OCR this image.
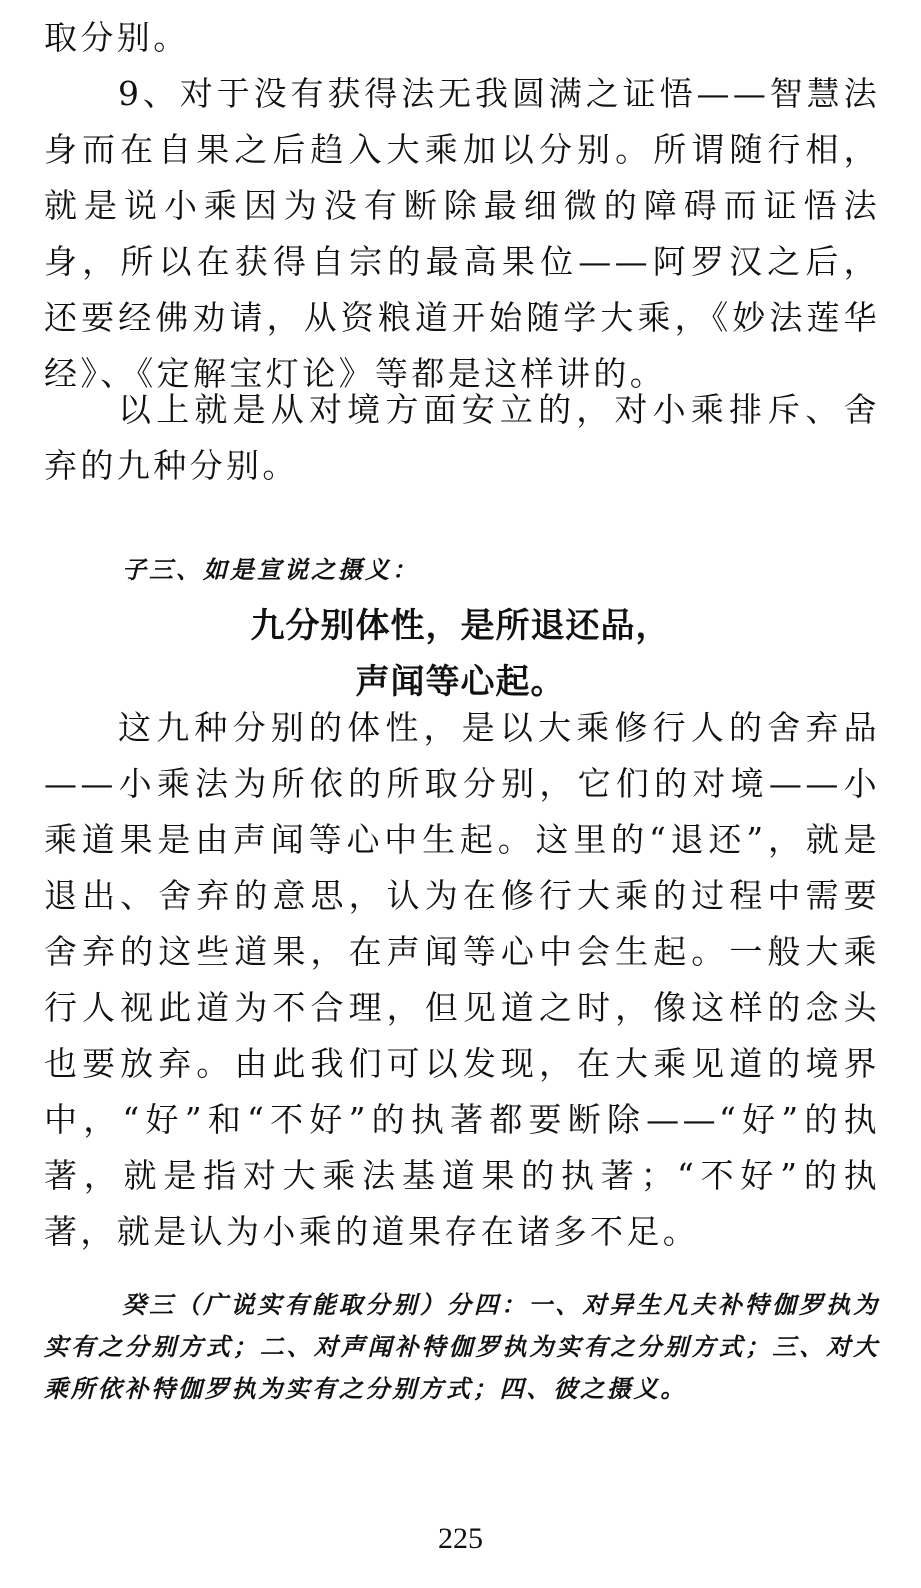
取分别。

9、对于没有获得法无我圆满之证悟——智慧法身而在自果之后趋入大乘加以分别。所谓随行相，就是说小乘因为没有断除最细微的障碍而证悟法身，所以在获得自宗的最高果位——阿罗汉之后，还要经佛劝请，从资粮道开始随学大乘，《妙法莲华经》、《定解宝灯论》等都是这样讲的。

以上就是从对境方面安立的，对小乘排斥、舍弃的九种分别。

子三、如是宣说之摄义：

九分别体性，是所退还品，

声闻等心起。

这九种分别的体性，是以大乘修行人的舍弃品——小乘法为所依的所取分别，它们的对境——小乘道果是由声闻等心中生起。这里的“退还”，就是退出、舍弃的意思，认为在修行大乘的过程中需要舍弃的这些道果，在声闻等心中会生起。一般大乘行人视此道为不合理，但见道之时，像这样的念头也要放弃。由此我们可以发现，在大乘见道的境界中，“好”和“不好”的执著都要断除——“好”的执著，就是指对大乘法基道果的执著；“不好”的执著，就是认为小乘的道果存在诸多不足。

癸三（广说实有能取分别）分四：一、对异生凡夫补特伽罗执为实有之分别方式；二、对声闻补特伽罗执为实有之分别方式；三、对大乘所依补特伽罗执为实有之分别方式；四、彼之摄义。

225
